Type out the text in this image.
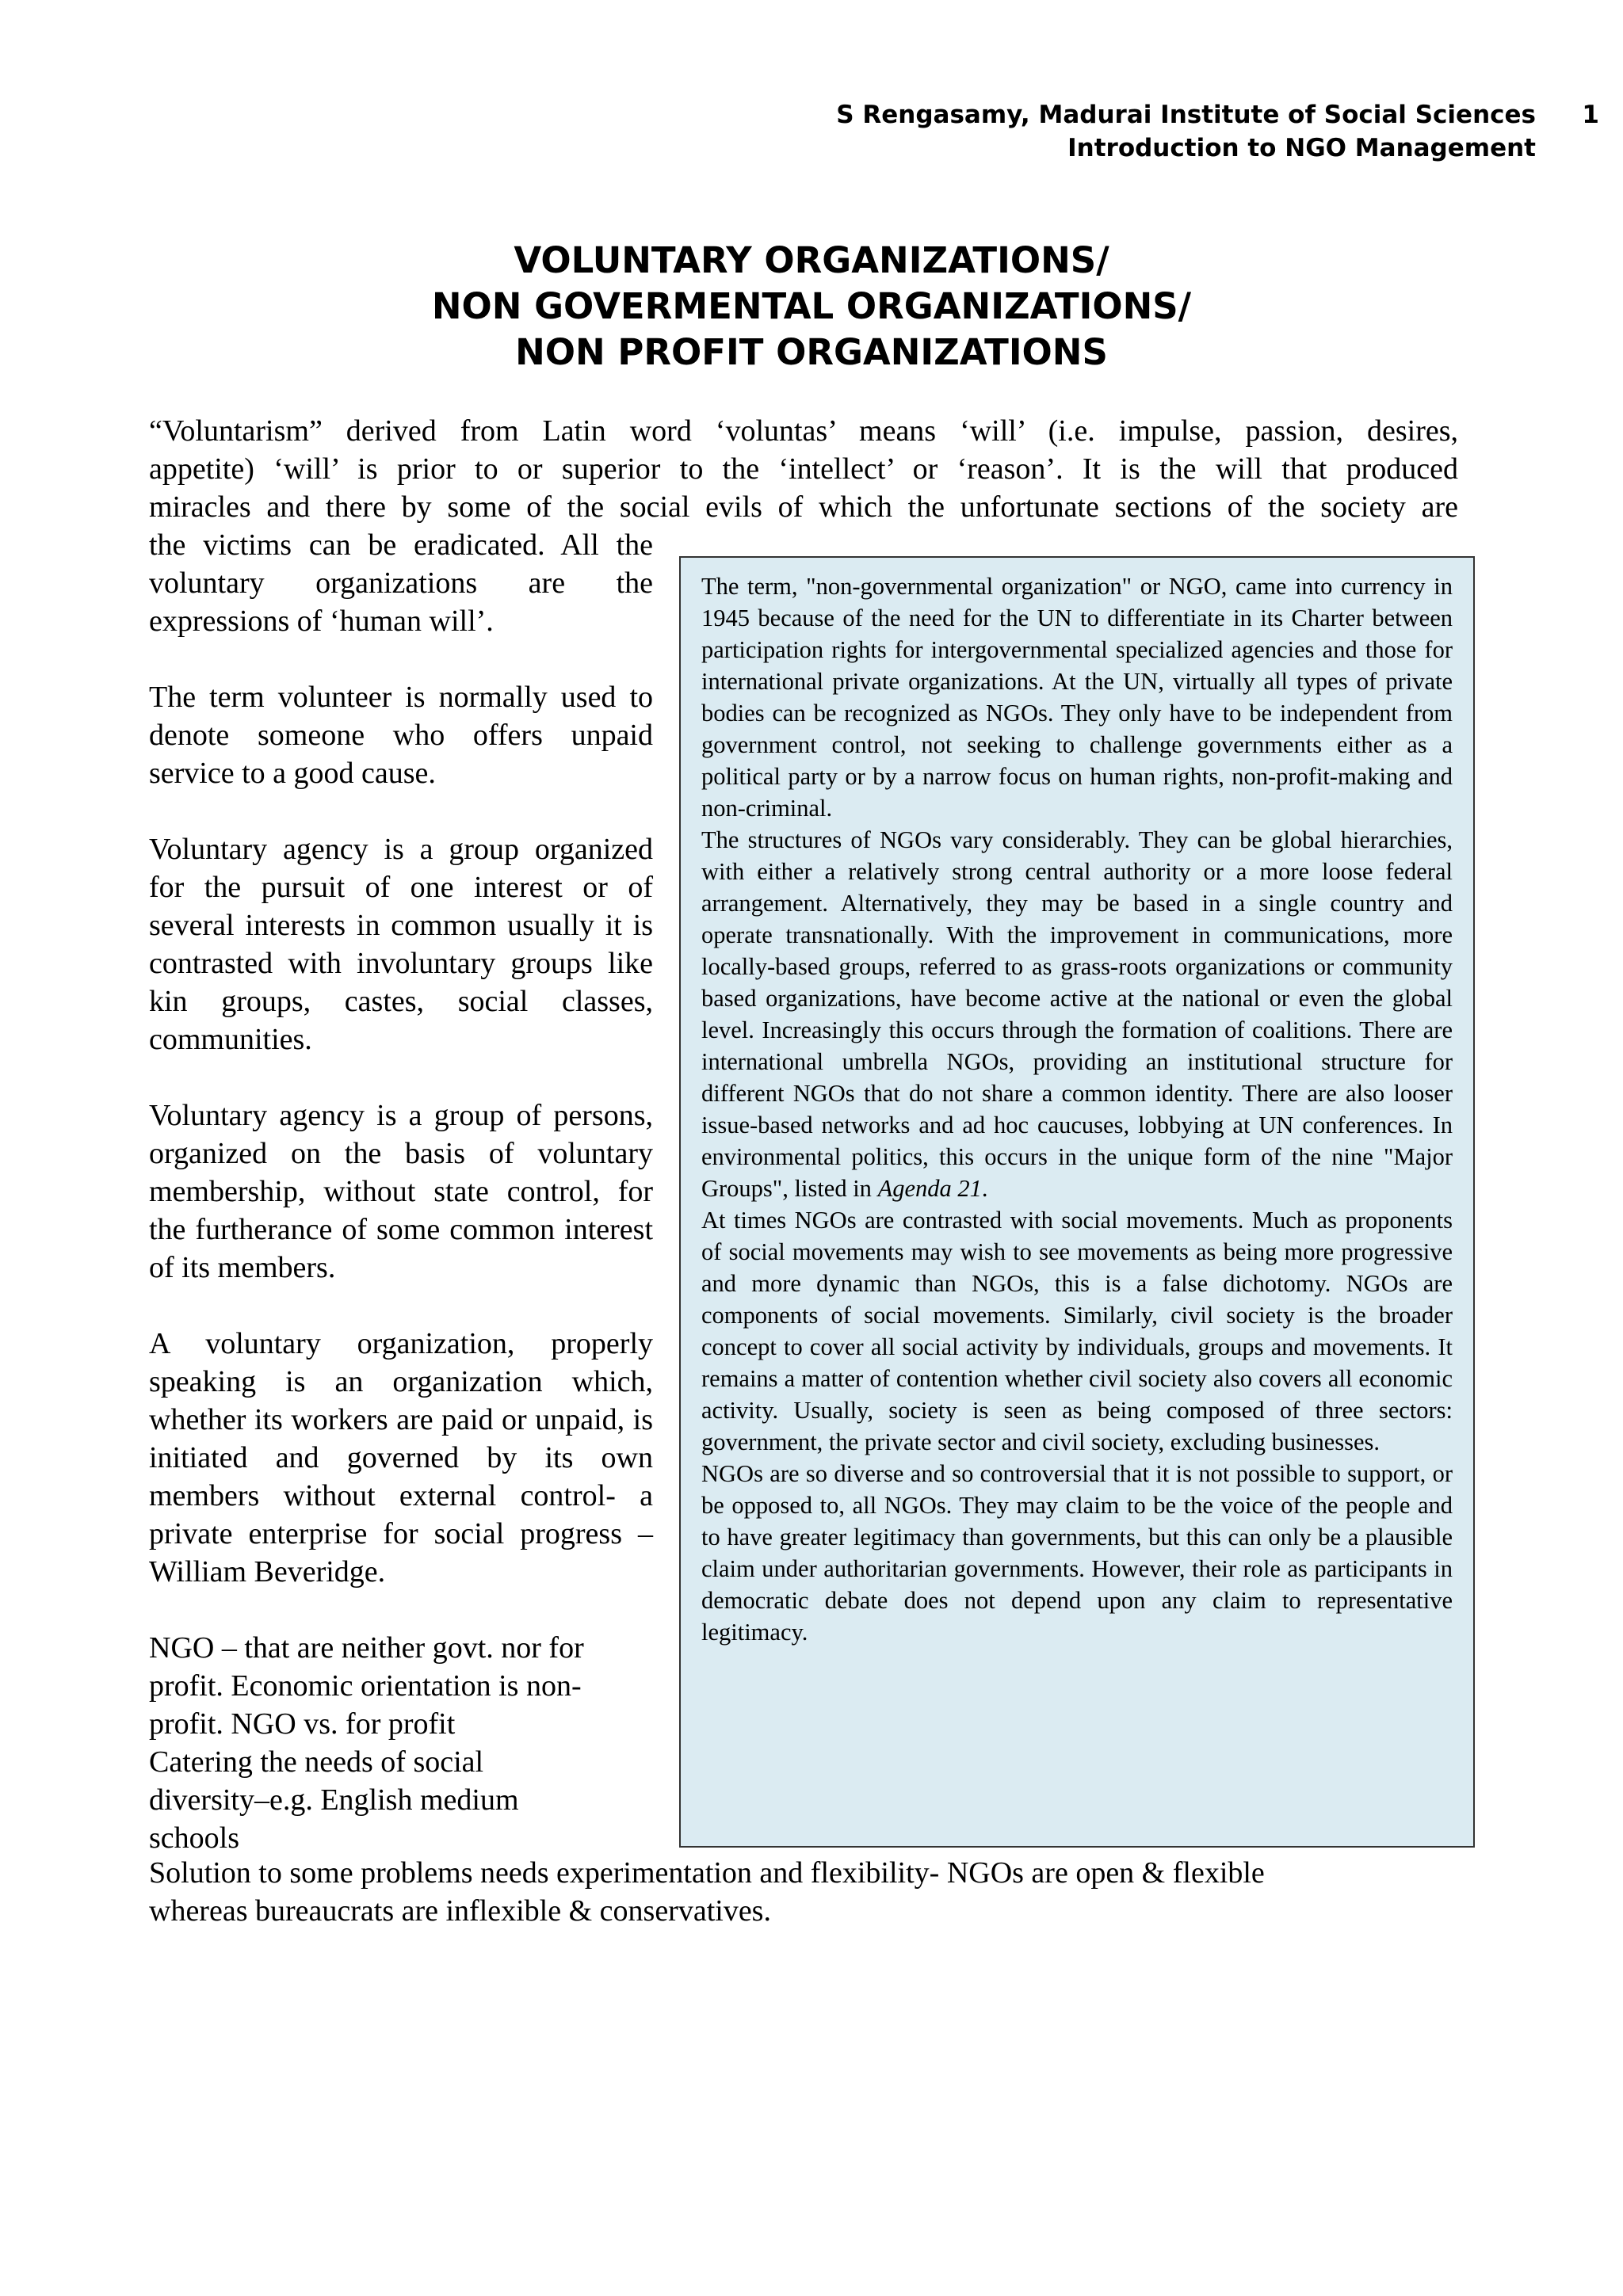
S Rengasamy, Madurai Institute of Social Sciences
Introduction to NGO Management
1
VOLUNTARY ORGANIZATIONS/
NON GOVERMENTAL ORGANIZATIONS/
NON PROFIT ORGANIZATIONS
“Voluntarism” derived from Latin word ‘voluntas’ means ‘will’ (i.e. impulse, passion, desires,
appetite) ‘will’ is prior to or superior to the ‘intellect’ or ‘reason’. It is the will that produced
miracles and there by some of the social evils of which the unfortunate sections of the society are

the victims can be eradicated. All the voluntary organizations are the expressions of ‘human will’.

The term volunteer is normally used to denote someone who offers unpaid service to a good cause.

Voluntary agency is a group organized for the pursuit of one interest or of several interests in common usually it is contrasted with involuntary groups like kin groups, castes, social classes, communities.

Voluntary agency is a group of persons, organized on the basis of voluntary membership, without state control, for the furtherance of some common interest of its members.

A voluntary organization, properly speaking is an organization which, whether its workers are paid or unpaid, is initiated and governed by its own members without external control- a private enterprise for social progress – William Beveridge.

NGO – that are neither govt. nor for
profit. Economic orientation is non-
profit. NGO vs. for profit
Catering the needs of social
diversity–e.g. English medium
schools

The term, "non-governmental organization" or NGO, came into currency in 1945 because of the need for the UN to differentiate in its Charter between participation rights for intergovernmental specialized agencies and those for international private organizations. At the UN, virtually all types of private bodies can be recognized as NGOs. They only have to be independent from government control, not seeking to challenge governments either as a political party or by a narrow focus on human rights, non-profit-making and non-criminal.

The structures of NGOs vary considerably. They can be global hierarchies, with either a relatively strong central authority or a more loose federal arrangement. Alternatively, they may be based in a single country and operate transnationally. With the improvement in communications, more locally-based groups, referred to as grass-roots organizations or community based organizations, have become active at the national or even the global level. Increasingly this occurs through the formation of coalitions. There are international umbrella NGOs, providing an institutional structure for different NGOs that do not share a common identity. There are also looser issue-based networks and ad hoc caucuses, lobbying at UN conferences. In environmental politics, this occurs in the unique form of the nine "Major Groups", listed in Agenda 21.

At times NGOs are contrasted with social movements. Much as proponents of social movements may wish to see movements as being more progressive and more dynamic than NGOs, this is a false dichotomy. NGOs are components of social movements. Similarly, civil society is the broader concept to cover all social activity by individuals, groups and movements. It remains a matter of contention whether civil society also covers all economic activity. Usually, society is seen as being composed of three sectors: government, the private sector and civil society, excluding businesses.

NGOs are so diverse and so controversial that it is not possible to support, or be opposed to, all NGOs. They may claim to be the voice of the people and to have greater legitimacy than governments, but this can only be a plausible claim under authoritarian governments. However, their role as participants in democratic debate does not depend upon any claim to representative legitimacy.

Solution to some problems needs experimentation and flexibility- NGOs are open & flexible
whereas bureaucrats are inflexible & conservatives.
